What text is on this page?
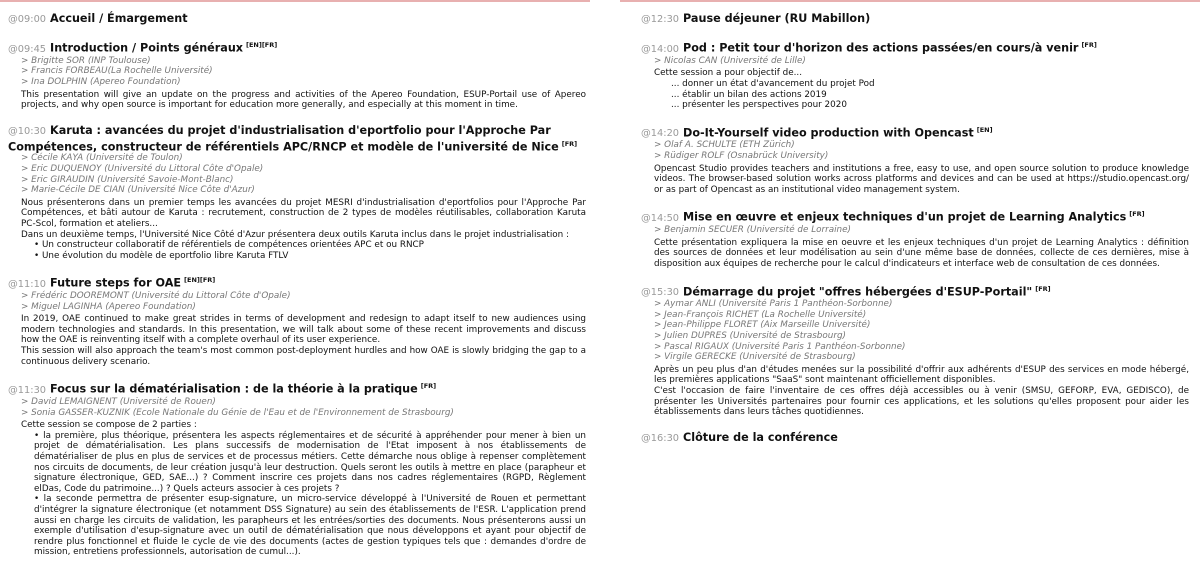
@09:00 Accueil / Émargement
@09:45 Introduction / Points généraux [EN][FR]
> Brigitte SOR (INP Toulouse)
> Francis FORBEAU(La Rochelle Université)
> Ina DOLPHIN (Apereo Foundation)
This presentation will give an update on the progress and activities of the Apereo Foundation, ESUP-Portail use of Apereo projects, and why open source is important for education more generally, and especially at this moment in time.
@10:30 Karuta : avancées du projet d'industrialisation d'eportfolio pour l'Approche Par Compétences, constructeur de référentiels APC/RNCP et modèle de l'université de Nice [FR]
> Cécile KAYA (Université de Toulon)
> Eric DUQUENOY (Université du Littoral Côte d'Opale)
> Eric GIRAUDIN (Université Savoie-Mont-Blanc)
> Marie-Cécile DE CIAN (Université Nice Côte d'Azur)
Nous présenterons dans un premier temps les avancées du projet MESRI d'industrialisation d'eportfolios pour l'Approche Par Compétences, et bâti autour de Karuta : recrutement, construction de 2 types de modèles réutilisables, collaboration Karuta PC-Scol, formation et ateliers...
Dans un deuxième temps, l'Université Nice Côté d'Azur présentera deux outils Karuta inclus dans le projet industrialisation :
• Un constructeur collaboratif de référentiels de compétences orientées APC et ou RNCP
• Une évolution du modèle de eportfolio libre Karuta FTLV
@11:10 Future steps for OAE [EN][FR]
> Frédéric DOOREMONT (Université du Littoral Côte d'Opale)
> Miguel LAGINHA (Apereo Foundation)
In 2019, OAE continued to make great strides in terms of development and redesign to adapt itself to new audiences using modern technologies and standards. In this presentation, we will talk about some of these recent improvements and discuss how the OAE is reinventing itself with a complete overhaul of its user experience.
This session will also approach the team's most common post-deployment hurdles and how OAE is slowly bridging the gap to a continuous delivery scenario.
@11:30 Focus sur la dématérialisation : de la théorie à la pratique [FR]
> David LEMAIGNENT (Université de Rouen)
> Sonia GASSER-KUZNIK (Ecole Nationale du Génie de l'Eau et de l'Environnement de Strasbourg)
Cette session se compose de 2 parties :
• la première, plus théorique, présentera les aspects réglementaires et de sécurité à appréhender pour mener à bien un projet de dématérialisation. Les plans successifs de modernisation de l'Etat imposent à nos établissements de dématérialiser de plus en plus de services et de processus métiers. Cette démarche nous oblige à repenser complètement nos circuits de documents, de leur création jusqu'à leur destruction. Quels seront les outils à mettre en place (parapheur et signature électronique, GED, SAE...) ? Comment inscrire ces projets dans nos cadres réglementaires (RGPD, Règlement elDas, Code du patrimoine...) ? Quels acteurs associer à ces projets ?
• la seconde permettra de présenter esup-signature, un micro-service développé à l'Université de Rouen et permettant d'intégrer la signature électronique (et notamment DSS Signature) au sein des établissements de l'ESR. L'application prend aussi en charge les circuits de validation, les parapheurs et les entrées/sorties des documents. Nous présenterons aussi un exemple d'utilisation d'esup-signature avec un outil de dématérialisation que nous développons et ayant pour objectif de rendre plus fonctionnel et fluide le cycle de vie des documents (actes de gestion typiques tels que : demandes d'ordre de mission, entretiens professionnels, autorisation de cumul...).
@12:30 Pause déjeuner (RU Mabillon)
@14:00 Pod : Petit tour d'horizon des actions passées/en cours/à venir [FR]
> Nicolas CAN (Université de Lille)
Cette session a pour objectif de...
... donner un état d'avancement du projet Pod
... établir un bilan des actions 2019
... présenter les perspectives pour 2020
@14:20 Do-It-Yourself video production with Opencast [EN]
> Olaf A. SCHULTE (ETH Zürich)
> Rüdiger ROLF (Osnabrück University)
Opencast Studio provides teachers and institutions a free, easy to use, and open source solution to produce knowledge videos. The browser-based solution works across platforms and devices and can be used at https://studio.opencast.org/ or as part of Opencast as an institutional video management system.
@14:50 Mise en œuvre et enjeux techniques d'un projet de Learning Analytics [FR]
> Benjamin SECUER (Université de Lorraine)
Cette présentation expliquera la mise en oeuvre et les enjeux techniques d'un projet de Learning Analytics : définition des sources de données et leur modélisation au sein d'une même base de données, collecte de ces dernières, mise à disposition aux équipes de recherche pour le calcul d'indicateurs et interface web de consultation de ces données.
@15:30 Démarrage du projet "offres hébergées d'ESUP-Portail" [FR]
> Aymar ANLI (Université Paris 1 Panthéon-Sorbonne)
> Jean-François RICHET (La Rochelle Université)
> Jean-Philippe FLORET (Aix Marseille Université)
> Julien DUPRES (Université de Strasbourg)
> Pascal RIGAUX (Université Paris 1 Panthéon-Sorbonne)
> Virgile GERECKE (Université de Strasbourg)
Après un peu plus d'an d'études menées sur la possibilité d'offrir aux adhérents d'ESUP des services en mode hébergé, les premières applications "SaaS" sont maintenant officiellement disponibles.
C'est l'occasion de faire l'inventaire de ces offres déjà accessibles ou à venir (SMSU, GEFORP, EVA, GEDISCO), de présenter les Universités partenaires pour fournir ces applications, et les solutions qu'elles proposent pour aider les établissements dans leurs tâches quotidiennes.
@16:30 Clôture de la conférence
